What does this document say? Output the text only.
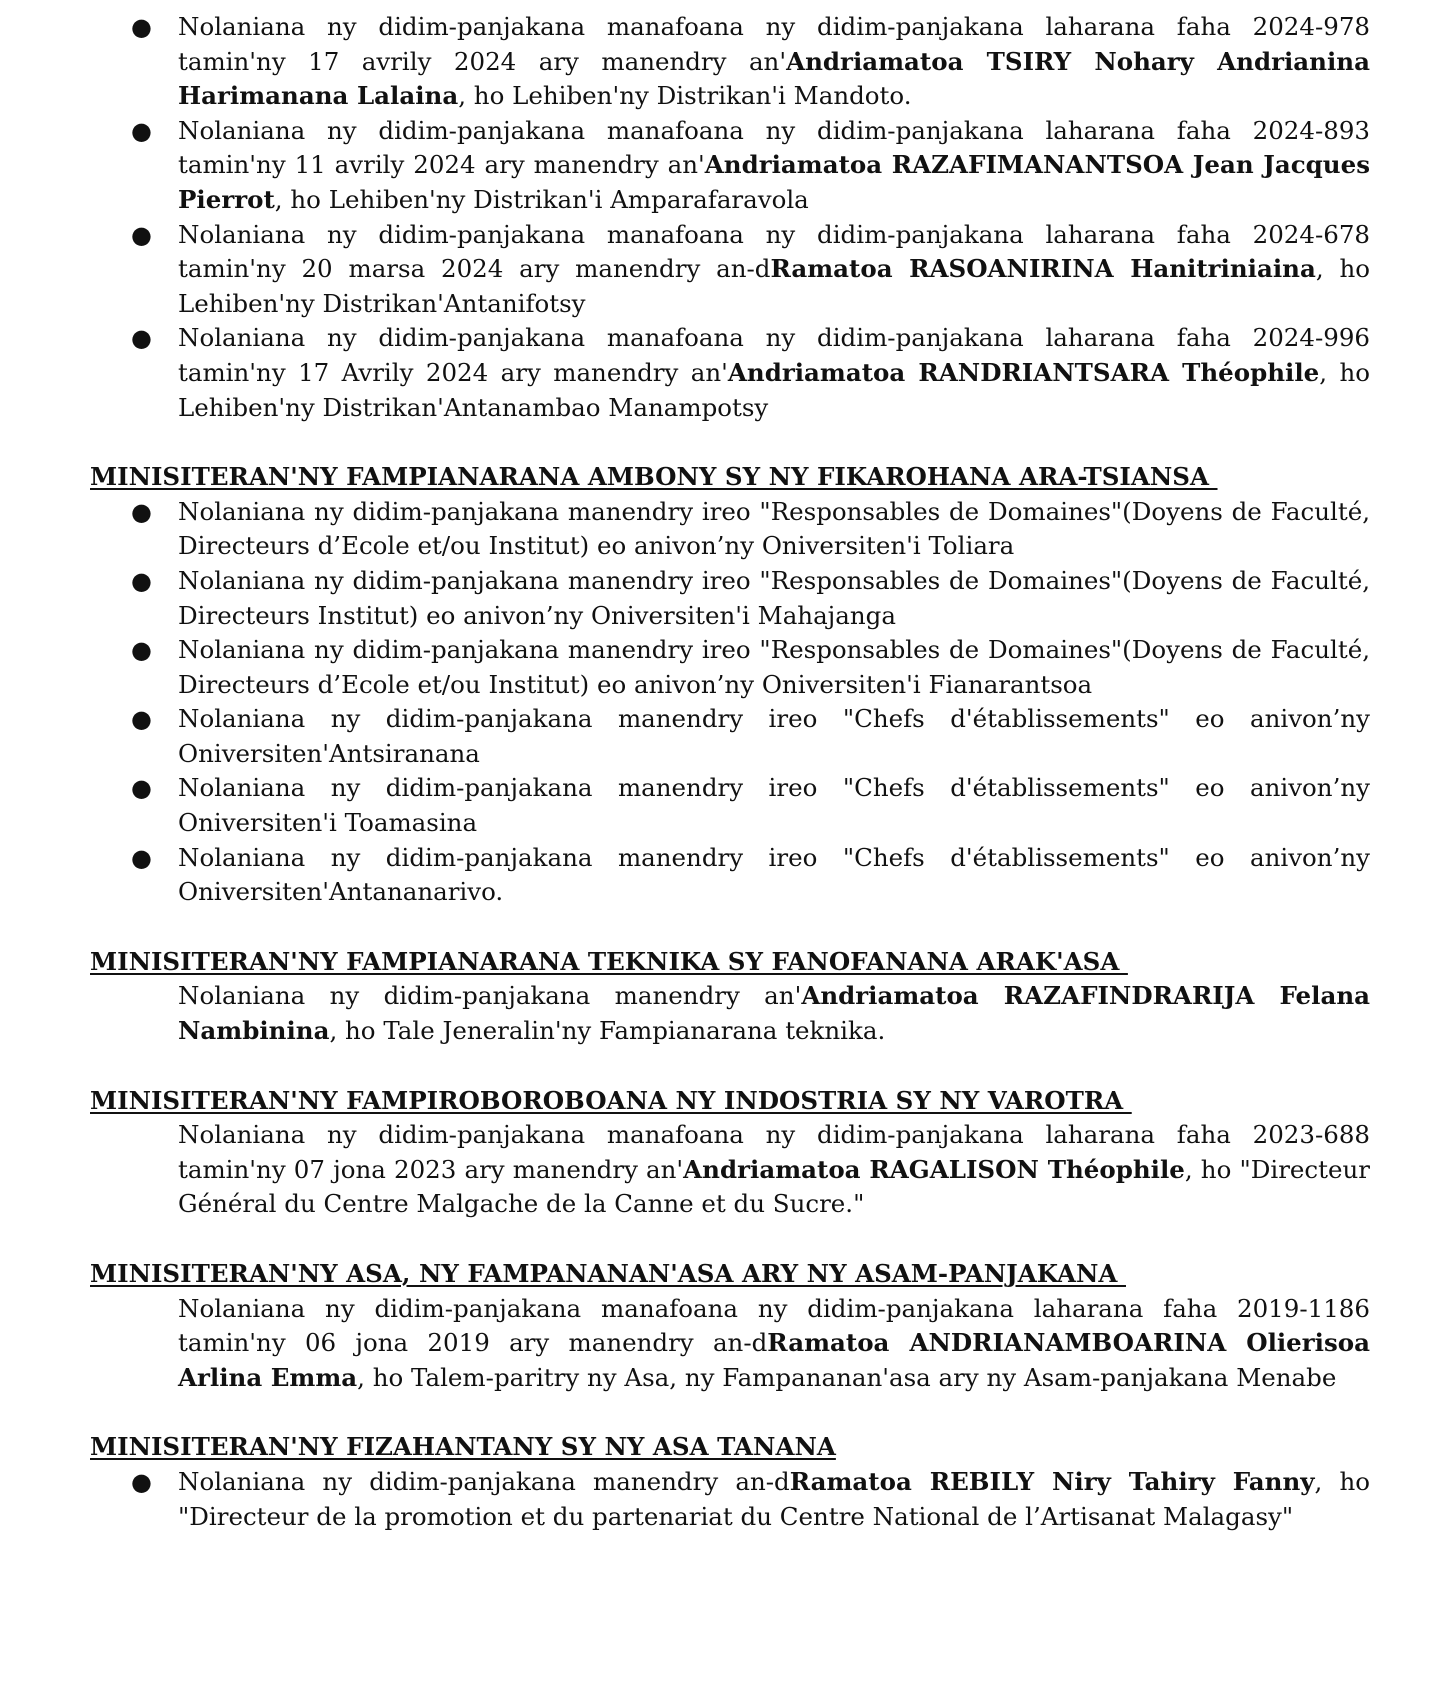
● Nolaniana ny didim-panjakana manafoana ny didim-panjakana laharana faha 2024-978 tamin'ny 17 avrily 2024 ary manendry an'Andriamatoa TSIRY Nohary Andrianina Harimanana Lalaina, ho Lehiben'ny Distrikan'i Mandoto.
● Nolaniana ny didim-panjakana manafoana ny didim-panjakana laharana faha 2024-893 tamin'ny 11 avrily 2024 ary manendry an'Andriamatoa RAZAFIMANANTSOA Jean Jacques Pierrot, ho Lehiben'ny Distrikan'i Amparafaravola
● Nolaniana ny didim-panjakana manafoana ny didim-panjakana laharana faha 2024-678 tamin'ny 20 marsa 2024 ary manendry an-dRamatoa RASOANIRINA Hanitriniaina, ho Lehiben'ny Distrikan'Antanifotsy
● Nolaniana ny didim-panjakana manafoana ny didim-panjakana laharana faha 2024-996 tamin'ny 17 Avrily 2024 ary manendry an'Andriamatoa RANDRIANTSARA Théophile, ho Lehiben'ny Distrikan'Antanambao Manampotsy
MINISITERAN'NY FAMPIANARANA AMBONY SY NY FIKAROHANA ARA-TSIANSA
● Nolaniana ny didim-panjakana manendry ireo "Responsables de Domaines"(Doyens de Faculté, Directeurs d’Ecole et/ou Institut) eo anivon’ny Oniversiten'i Toliara
● Nolaniana ny didim-panjakana manendry ireo "Responsables de Domaines"(Doyens de Faculté, Directeurs Institut) eo anivon’ny Oniversiten'i Mahajanga
● Nolaniana ny didim-panjakana manendry ireo "Responsables de Domaines"(Doyens de Faculté, Directeurs d’Ecole et/ou Institut) eo anivon’ny Oniversiten'i Fianarantsoa
● Nolaniana ny didim-panjakana manendry ireo "Chefs d'établissements" eo anivon’ny Oniversiten'Antsiranana
● Nolaniana ny didim-panjakana manendry ireo "Chefs d'établissements" eo anivon’ny Oniversiten'i Toamasina
● Nolaniana ny didim-panjakana manendry ireo "Chefs d'établissements" eo anivon’ny Oniversiten'Antananarivo.
MINISITERAN'NY FAMPIANARANA TEKNIKA SY FANOFANANA ARAK'ASA
Nolaniana ny didim-panjakana manendry an'Andriamatoa RAZAFINDRARIJA Felana Nambinina, ho Tale Jeneralin'ny Fampianarana teknika.
MINISITERAN'NY FAMPIROBOROBOANA NY INDOSTRIA SY NY VAROTRA
Nolaniana ny didim-panjakana manafoana ny didim-panjakana laharana faha 2023-688 tamin'ny 07 jona 2023 ary manendry an'Andriamatoa RAGALISON Théophile, ho "Directeur Général du Centre Malgache de la Canne et du Sucre."
MINISITERAN'NY ASA, NY FAMPANANAN'ASA ARY NY ASAM-PANJAKANA
Nolaniana ny didim-panjakana manafoana ny didim-panjakana laharana faha 2019-1186 tamin'ny 06 jona 2019 ary manendry an-dRamatoa ANDRIANAMBOARINA Olierisoa Arlina Emma, ho Talem-paritry ny Asa, ny Fampananan'asa ary ny Asam-panjakana Menabe
MINISITERAN'NY FIZAHANTANY SY NY ASA TANANA
● Nolaniana ny didim-panjakana manendry an-dRamatoa REBILY Niry Tahiry Fanny, ho "Directeur de la promotion et du partenariat du Centre National de l’Artisanat Malagasy"
